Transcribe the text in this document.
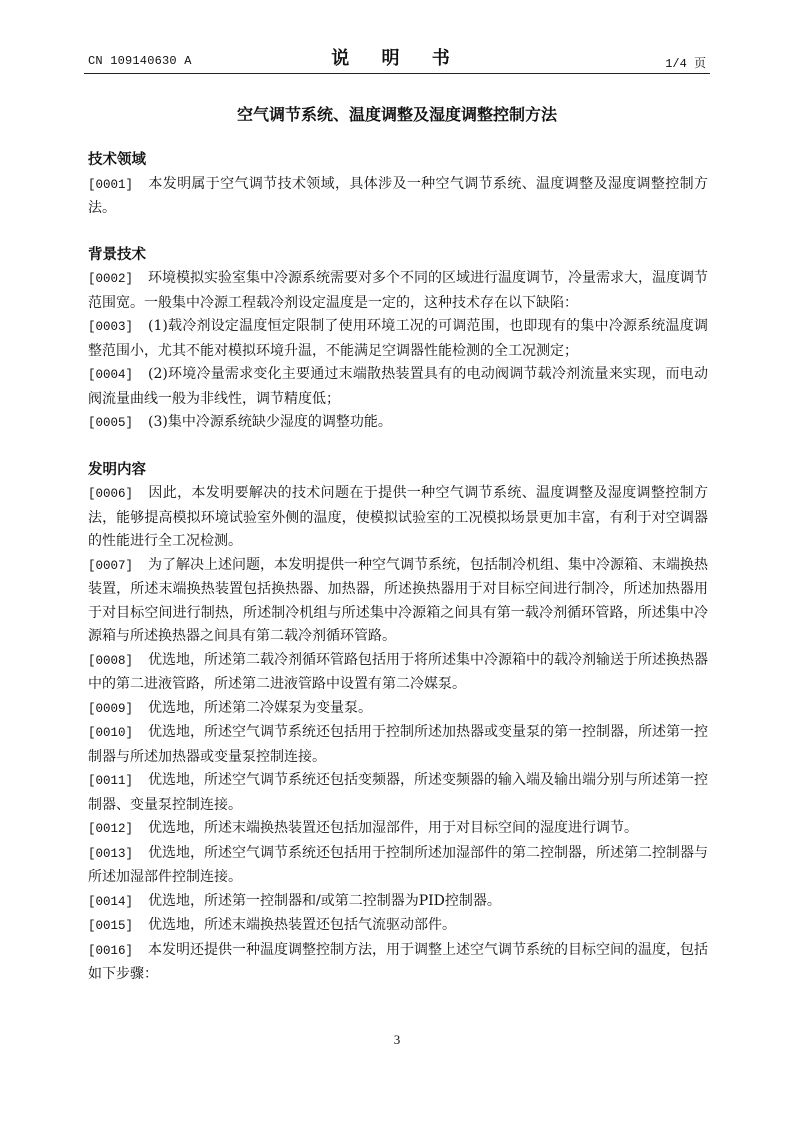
CN 109140630 A	说 明 书	1/4 页
空气调节系统、温度调整及湿度调整控制方法
技术领域
[0001] 本发明属于空气调节技术领域，具体涉及一种空气调节系统、温度调整及湿度调整控制方法。
背景技术
[0002] 环境模拟实验室集中冷源系统需要对多个不同的区域进行温度调节，冷量需求大，温度调节范围宽。一般集中冷源工程载冷剂设定温度是一定的，这种技术存在以下缺陷：
[0003] (1)载冷剂设定温度恒定限制了使用环境工况的可调范围，也即现有的集中冷源系统温度调整范围小，尤其不能对模拟环境升温，不能满足空调器性能检测的全工况测定；
[0004] (2)环境冷量需求变化主要通过末端散热装置具有的电动阀调节载冷剂流量来实现，而电动阀流量曲线一般为非线性，调节精度低；
[0005] (3)集中冷源系统缺少湿度的调整功能。
发明内容
[0006] 因此，本发明要解决的技术问题在于提供一种空气调节系统、温度调整及湿度调整控制方法，能够提高模拟环境试验室外侧的温度，使模拟试验室的工况模拟场景更加丰富，有利于对空调器的性能进行全工况检测。
[0007] 为了解决上述问题，本发明提供一种空气调节系统，包括制冷机组、集中冷源箱、末端换热装置，所述末端换热装置包括换热器、加热器，所述换热器用于对目标空间进行制冷，所述加热器用于对目标空间进行制热，所述制冷机组与所述集中冷源箱之间具有第一载冷剂循环管路，所述集中冷源箱与所述换热器之间具有第二载冷剂循环管路。
[0008] 优选地，所述第二载冷剂循环管路包括用于将所述集中冷源箱中的载冷剂输送于所述换热器中的第二进液管路，所述第二进液管路中设置有第二冷媒泵。
[0009] 优选地，所述第二冷媒泵为变量泵。
[0010] 优选地，所述空气调节系统还包括用于控制所述加热器或变量泵的第一控制器，所述第一控制器与所述加热器或变量泵控制连接。
[0011] 优选地，所述空气调节系统还包括变频器，所述变频器的输入端及输出端分别与所述第一控制器、变量泵控制连接。
[0012] 优选地，所述末端换热装置还包括加湿部件，用于对目标空间的湿度进行调节。
[0013] 优选地，所述空气调节系统还包括用于控制所述加湿部件的第二控制器，所述第二控制器与所述加湿部件控制连接。
[0014] 优选地，所述第一控制器和/或第二控制器为PID控制器。
[0015] 优选地，所述末端换热装置还包括气流驱动部件。
[0016] 本发明还提供一种温度调整控制方法，用于调整上述空气调节系统的目标空间的温度，包括如下步骤：
3
